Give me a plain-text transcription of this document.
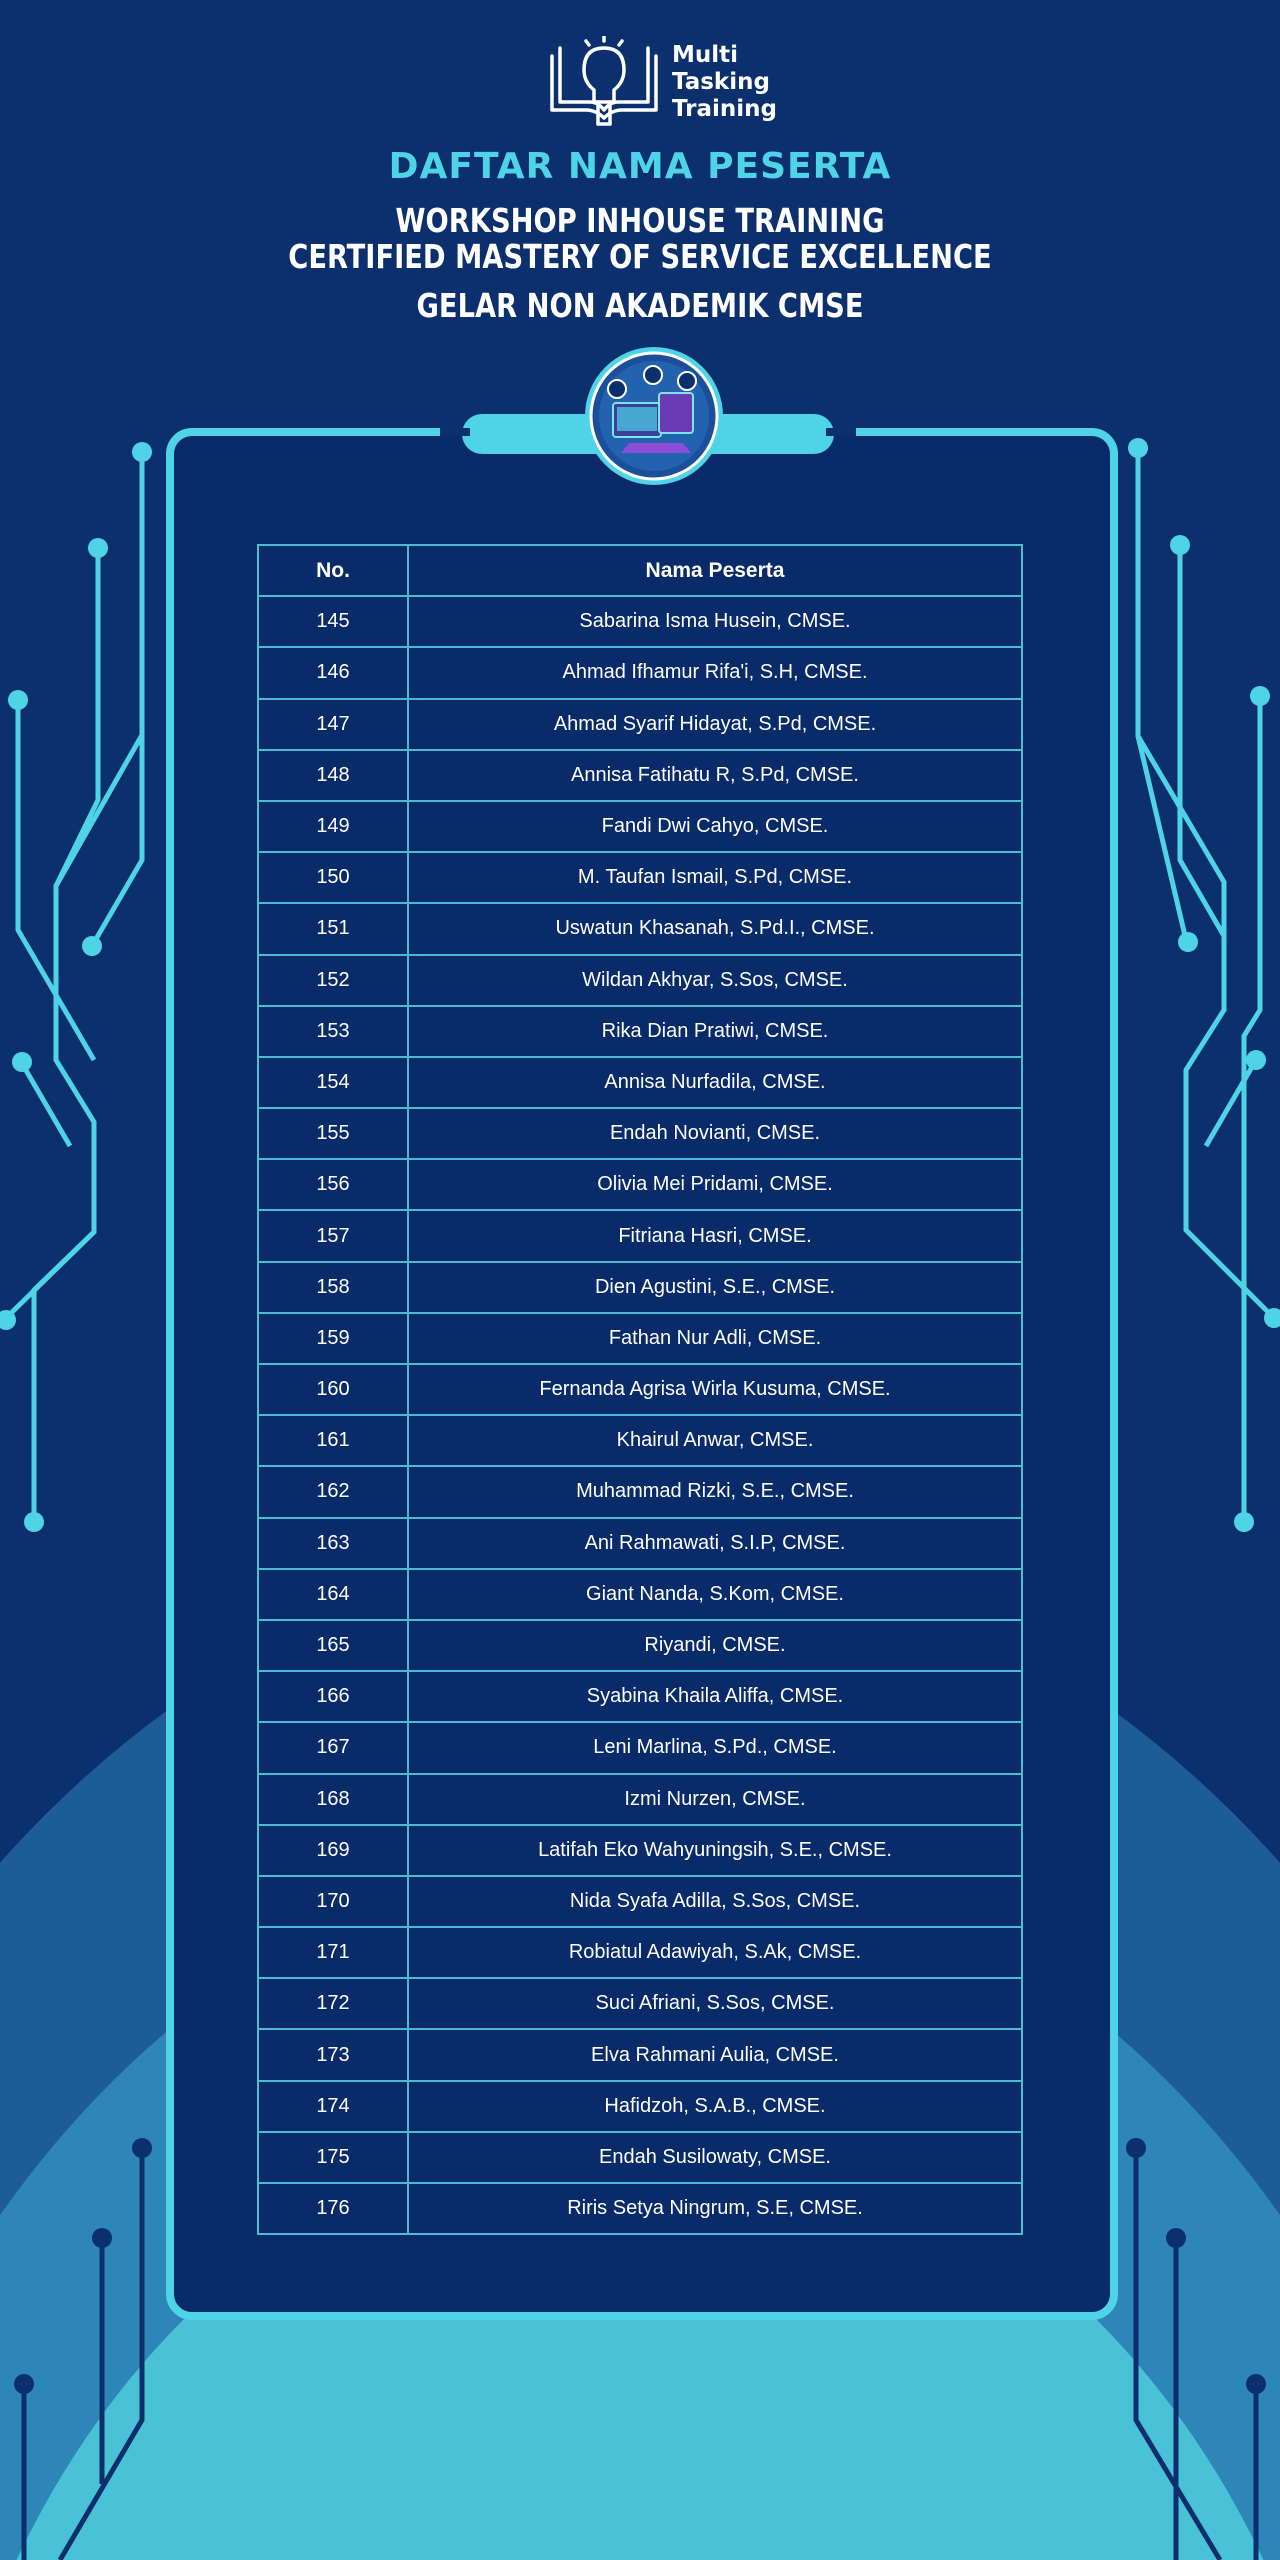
Multi
Tasking
Training
DAFTAR NAMA PESERTA
WORKSHOP INHOUSE TRAINING
CERTIFIED MASTERY OF SERVICE EXCELLENCE
GELAR NON AKADEMIK CMSE
No.	Nama Peserta
145	Sabarina Isma Husein, CMSE.
146	Ahmad Ifhamur Rifa'i, S.H, CMSE.
147	Ahmad Syarif Hidayat, S.Pd, CMSE.
148	Annisa Fatihatu R, S.Pd, CMSE.
149	Fandi Dwi Cahyo, CMSE.
150	M. Taufan Ismail, S.Pd, CMSE.
151	Uswatun Khasanah, S.Pd.I., CMSE.
152	Wildan Akhyar, S.Sos, CMSE.
153	Rika Dian Pratiwi, CMSE.
154	Annisa Nurfadila, CMSE.
155	Endah Novianti, CMSE.
156	Olivia Mei Pridami, CMSE.
157	Fitriana Hasri, CMSE.
158	Dien Agustini, S.E., CMSE.
159	Fathan Nur Adli, CMSE.
160	Fernanda Agrisa Wirla Kusuma, CMSE.
161	Khairul Anwar, CMSE.
162	Muhammad Rizki, S.E., CMSE.
163	Ani Rahmawati, S.I.P, CMSE.
164	Giant Nanda, S.Kom, CMSE.
165	Riyandi, CMSE.
166	Syabina Khaila Aliffa, CMSE.
167	Leni Marlina, S.Pd., CMSE.
168	Izmi Nurzen, CMSE.
169	Latifah Eko Wahyuningsih, S.E., CMSE.
170	Nida Syafa Adilla, S.Sos, CMSE.
171	Robiatul Adawiyah, S.Ak, CMSE.
172	Suci Afriani, S.Sos, CMSE.
173	Elva Rahmani Aulia, CMSE.
174	Hafidzoh, S.A.B., CMSE.
175	Endah Susilowaty, CMSE.
176	Riris Setya Ningrum, S.E, CMSE.
